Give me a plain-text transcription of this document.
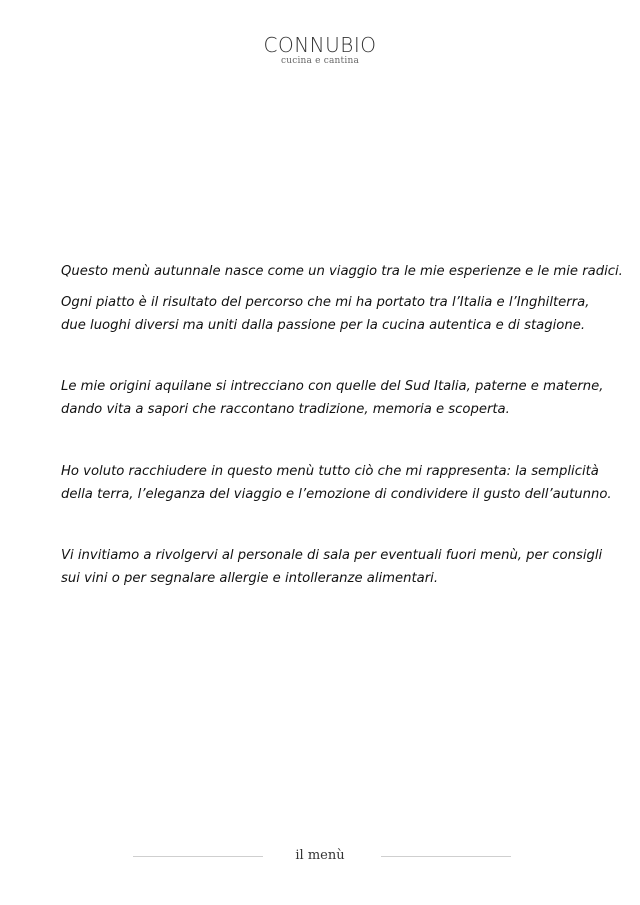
CONNUBIO
cucina e cantina

Questo menù autunnale nasce come un viaggio tra le mie esperienze e le mie radici.

Ogni piatto è il risultato del percorso che mi ha portato tra l’Italia e l’Inghilterra,

due luoghi diversi ma uniti dalla passione per la cucina autentica e di stagione.

Le mie origini aquilane si intrecciano con quelle del Sud Italia, paterne e materne,

dando vita a sapori che raccontano tradizione, memoria e scoperta.

Ho voluto racchiudere in questo menù tutto ciò che mi rappresenta: la semplicità

della terra, l’eleganza del viaggio e l’emozione di condividere il gusto dell’autunno.

Vi invitiamo a rivolgervi al personale di sala per eventuali fuori menù, per consigli

sui vini o per segnalare allergie e intolleranze alimentari.

il menù
